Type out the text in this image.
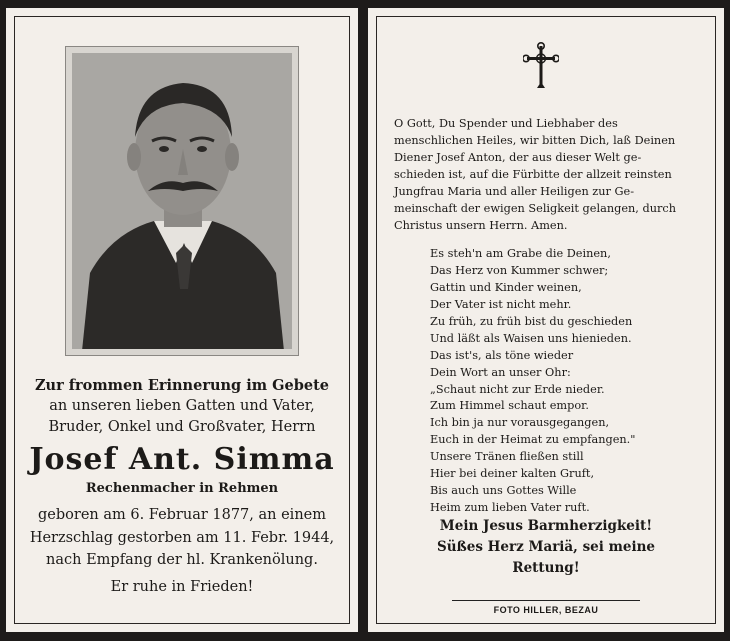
Zur frommen Erinnerung im Gebete
an unseren lieben Gatten und Vater,
Bruder, Onkel und Großvater, Herrn
Josef Ant. Simma
Rechenmacher in Rehmen
geboren am 6. Februar 1877, an einem
Herzschlag gestorben am 11. Febr. 1944,
nach Empfang der hl. Krankenölung.
Er ruhe in Frieden!
O Gott, Du Spender und Liebhaber des
menschlichen Heiles, wir bitten Dich, laß Deinen
Diener Josef Anton, der aus dieser Welt ge-
schieden ist, auf die Fürbitte der allzeit reinsten
Jungfrau Maria und aller Heiligen zur Ge-
meinschaft der ewigen Seligkeit gelangen, durch
Christus unsern Herrn. Amen.
Es steh'n am Grabe die Deinen,
Das Herz von Kummer schwer;
Gattin und Kinder weinen,
Der Vater ist nicht mehr.
Zu früh, zu früh bist du geschieden
Und läßt als Waisen uns hienieden.
Das ist's, als töne wieder
Dein Wort an unser Ohr:
„Schaut nicht zur Erde nieder.
Zum Himmel schaut empor.
Ich bin ja nur vorausgegangen,
Euch in der Heimat zu empfangen."
Unsere Tränen fließen still
Hier bei deiner kalten Gruft,
Bis auch uns Gottes Wille
Heim zum lieben Vater ruft.
Mein Jesus Barmherzigkeit!
Süßes Herz Mariä, sei meine
Rettung!
FOTO HILLER, BEZAU
